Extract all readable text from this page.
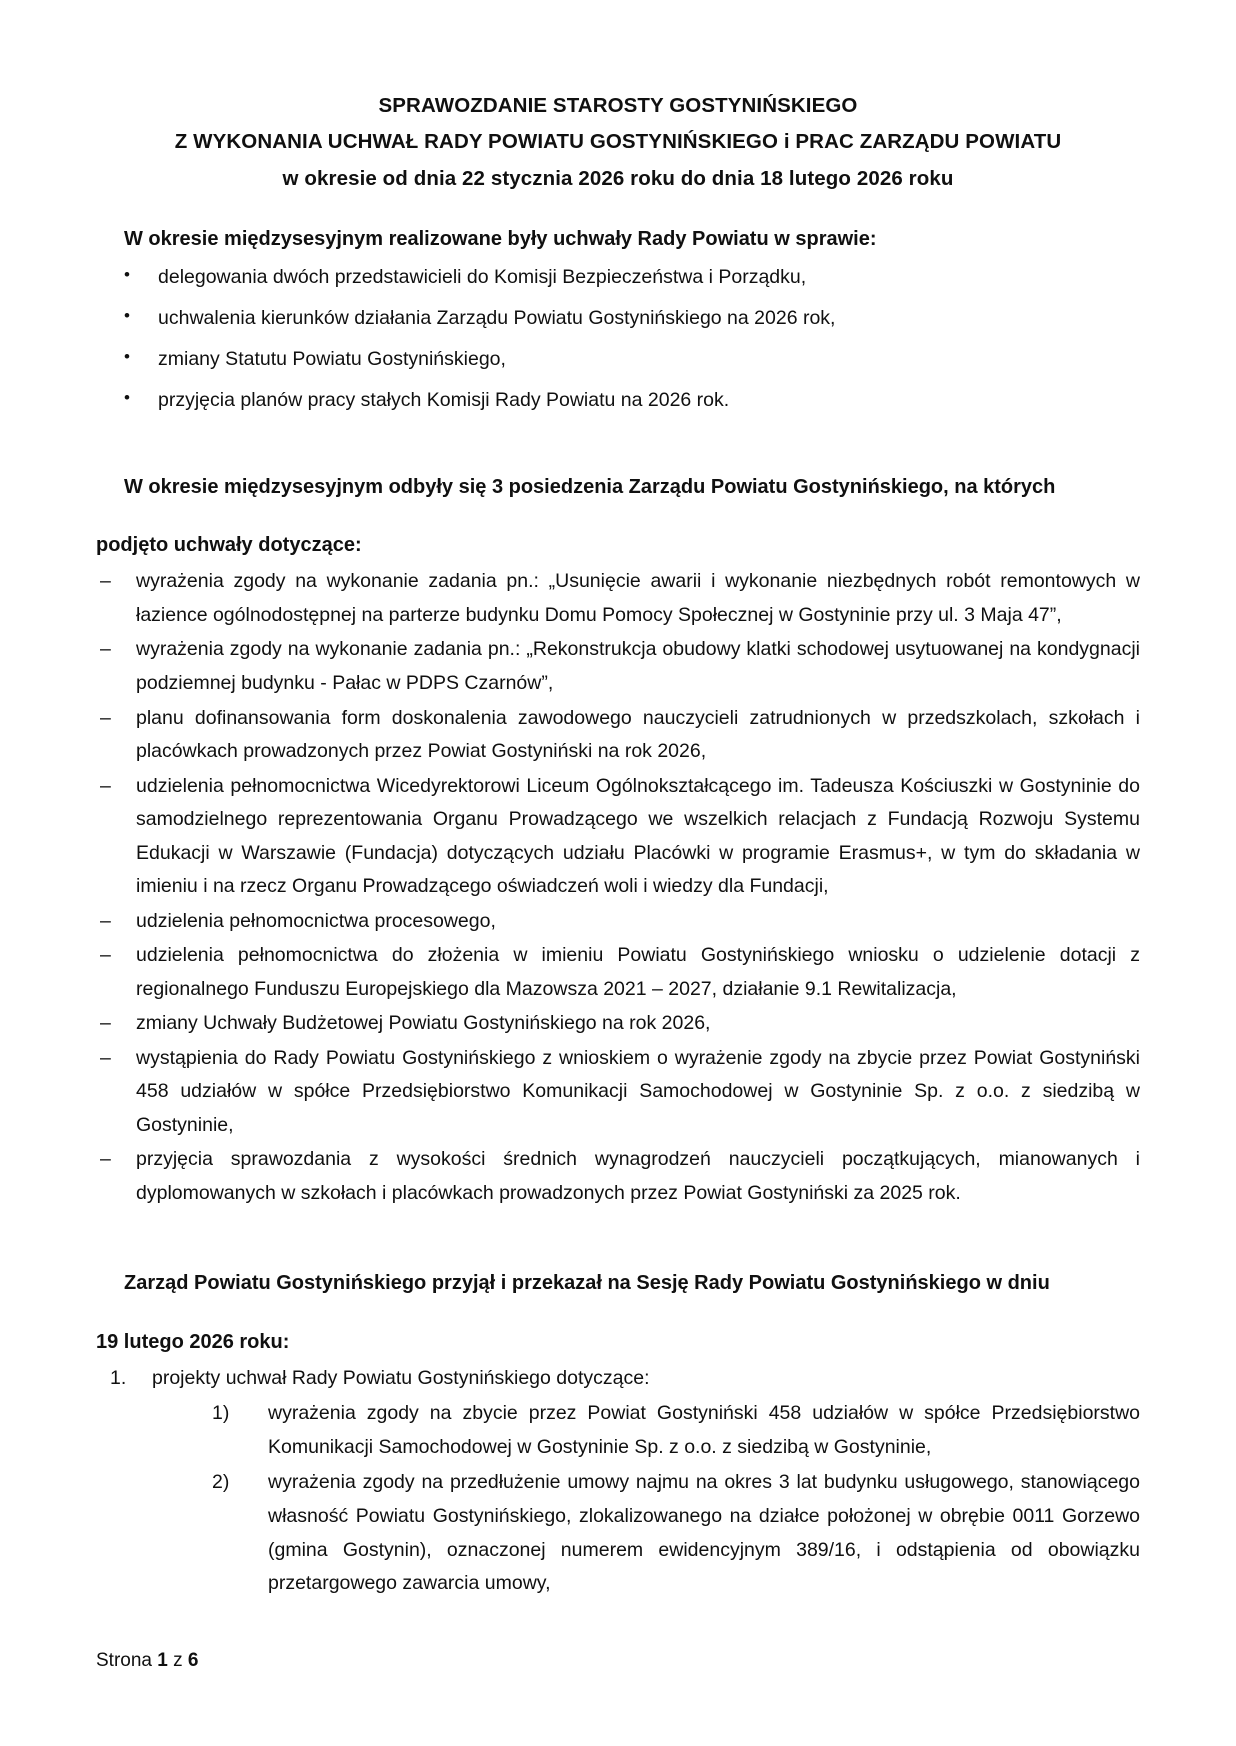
SPRAWOZDANIE STAROSTY GOSTYNIŃSKIEGO
Z WYKONANIA UCHWAŁ RADY POWIATU GOSTYNIŃSKIEGO i PRAC ZARZĄDU POWIATU
w okresie od dnia 22 stycznia 2026 roku do dnia 18 lutego 2026 roku
W okresie międzysesyjnym realizowane były uchwały Rady Powiatu w sprawie:
• delegowania dwóch przedstawicieli do Komisji Bezpieczeństwa i Porządku,
• uchwalenia kierunków działania Zarządu Powiatu Gostynińskiego na 2026 rok,
• zmiany Statutu Powiatu Gostynińskiego,
• przyjęcia planów pracy stałych Komisji Rady Powiatu na 2026 rok.
W okresie międzysesyjnym odbyły się 3 posiedzenia Zarządu Powiatu Gostynińskiego, na których
podjęto uchwały dotyczące:
– wyrażenia zgody na wykonanie zadania pn.: „Usunięcie awarii i wykonanie niezbędnych robót remontowych w łazience ogólnodostępnej na parterze budynku Domu Pomocy Społecznej w Gostyninie przy ul. 3 Maja 47”,
– wyrażenia zgody na wykonanie zadania pn.: „Rekonstrukcja obudowy klatki schodowej usytuowanej na kondygnacji podziemnej budynku - Pałac w PDPS Czarnów”,
– planu dofinansowania form doskonalenia zawodowego nauczycieli zatrudnionych w przedszkolach, szkołach i placówkach prowadzonych przez Powiat Gostyniński na rok 2026,
– udzielenia pełnomocnictwa Wicedyrektorowi Liceum Ogólnokształcącego im. Tadeusza Kościuszki w Gostyninie do samodzielnego reprezentowania Organu Prowadzącego we wszelkich relacjach z Fundacją Rozwoju Systemu Edukacji w Warszawie (Fundacja) dotyczących udziału Placówki w programie Erasmus+, w tym do składania w imieniu i na rzecz Organu Prowadzącego oświadczeń woli i wiedzy dla Fundacji,
– udzielenia pełnomocnictwa procesowego,
– udzielenia pełnomocnictwa do złożenia w imieniu Powiatu Gostynińskiego wniosku o udzielenie dotacji z regionalnego Funduszu Europejskiego dla Mazowsza 2021 – 2027, działanie 9.1 Rewitalizacja,
– zmiany Uchwały Budżetowej Powiatu Gostynińskiego na rok 2026,
– wystąpienia do Rady Powiatu Gostynińskiego z wnioskiem o wyrażenie zgody na zbycie przez Powiat Gostyniński 458 udziałów w spółce Przedsiębiorstwo Komunikacji Samochodowej w Gostyninie Sp. z o.o. z siedzibą w Gostyninie,
– przyjęcia sprawozdania z wysokości średnich wynagrodzeń nauczycieli początkujących, mianowanych i dyplomowanych w szkołach i placówkach prowadzonych przez Powiat Gostyniński za 2025 rok.
Zarząd Powiatu Gostynińskiego przyjął i przekazał na Sesję Rady Powiatu Gostynińskiego w dniu
19 lutego 2026 roku:
1. projekty uchwał Rady Powiatu Gostynińskiego dotyczące:
1) wyrażenia zgody na zbycie przez Powiat Gostyniński 458 udziałów w spółce Przedsiębiorstwo Komunikacji Samochodowej w Gostyninie Sp. z o.o. z siedzibą w Gostyninie,
2) wyrażenia zgody na przedłużenie umowy najmu na okres 3 lat budynku usługowego, stanowiącego własność Powiatu Gostynińskiego, zlokalizowanego na działce położonej w obrębie 0011 Gorzewo (gmina Gostynin), oznaczonej numerem ewidencyjnym 389/16, i odstąpienia od obowiązku przetargowego zawarcia umowy,
Strona 1 z 6
